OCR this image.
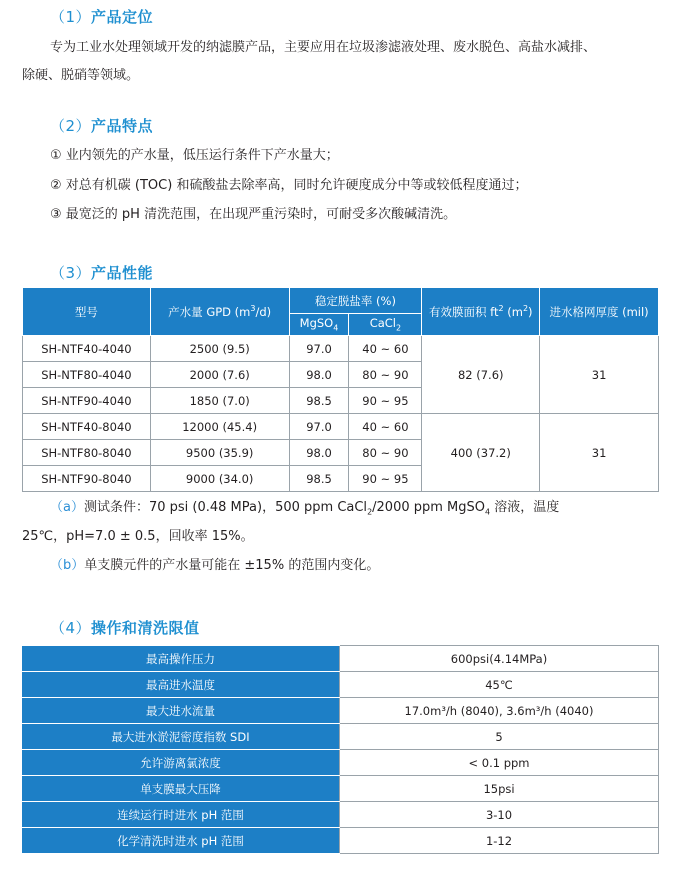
（1）产品定位
专为工业水处理领域开发的纳滤膜产品，主要应用在垃圾渗滤液处理、废水脱色、高盐水减排、
除硬、脱硝等领域。
（2）产品特点
① 业内领先的产水量，低压运行条件下产水量大；
② 对总有机碳 (TOC) 和硫酸盐去除率高，同时允许硬度成分中等或较低程度通过；
③ 最宽泛的 pH 清洗范围，在出现严重污染时，可耐受多次酸碱清洗。
（3）产品性能
型号	产水量 GPD $(m^3/d)$	稳定脱盐率 (%)		有效膜面积 $ft^2$ $(m^2)$	进水格网厚度 (mil)
		MgSO$_4$	CaCl$_2$
SH-NTF40-4040	2500 (9.5)	97.0	40 ~ 60	82 (7.6)	31
SH-NTF80-4040	2000 (7.6)	98.0	80 ~ 90		
SH-NTF90-4040	1850 (7.0)	98.5	90 ~ 95		
SH-NTF40-8040	12000 (45.4)	97.0	40 ~ 60	400 (37.2)	31
SH-NTF80-8040	9500 (35.9)	98.0	80 ~ 90		
SH-NTF90-8040	9000 (34.0)	98.5	90 ~ 95		
（a）测试条件：70 psi (0.48 MPa)，500 ppm CaCl$_2$/2000 ppm MgSO$_4$ 溶液，温度
25℃，pH=7.0 ± 0.5，回收率 15%。
（b）单支膜元件的产水量可能在 ±15% 的范围内变化。
（4）操作和清洗限值
最高操作压力	600psi(4.14MPa)
最高进水温度	45℃
最大进水流量	17.0m³/h (8040), 3.6m³/h (4040)
最大进水淤泥密度指数 SDI	5
允许游离氯浓度	< 0.1 ppm
单支膜最大压降	15psi
连续运行时进水 pH 范围	3-10
化学清洗时进水 pH 范围	1-12
